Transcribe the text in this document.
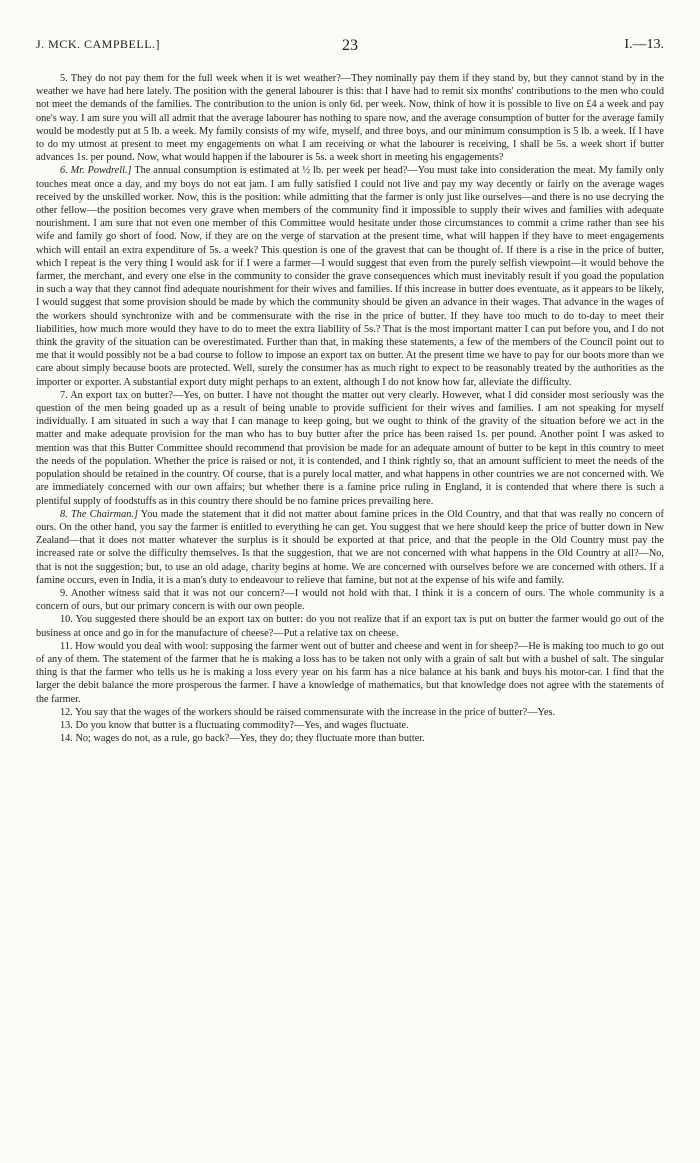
J. MCK. CAMPBELL.]	23	I.—13.

5. They do not pay them for the full week when it is wet weather?—They nominally pay them if they stand by, but they cannot stand by in the weather we have had here lately. The position with the general labourer is this: that I have had to remit six months' contributions to the men who could not meet the demands of the families. The contribution to the union is only 6d. per week. Now, think of how it is possible to live on £4 a week and pay one's way. I am sure you will all admit that the average labourer has nothing to spare now, and the average consumption of butter for the average family would be modestly put at 5 lb. a week. My family consists of my wife, myself, and three boys, and our minimum consumption is 5 lb. a week. If I have to do my utmost at present to meet my engagements on what I am receiving or what the labourer is receiving, I shall be 5s. a week short if butter advances 1s. per pound. Now, what would happen if the labourer is 5s. a week short in meeting his engagements?

6. Mr. Powdrell.] The annual consumption is estimated at ½ lb. per week per head?—You must take into consideration the meat. My family only touches meat once a day, and my boys do not eat jam. I am fully satisfied I could not live and pay my way decently or fairly on the average wages received by the unskilled worker. Now, this is the position: while admitting that the farmer is only just like ourselves—and there is no use decrying the other fellow—the position becomes very grave when members of the community find it impossible to supply their wives and families with adequate nourishment. I am sure that not even one member of this Committee would hesitate under those circumstances to commit a crime rather than see his wife and family go short of food. Now, if they are on the verge of starvation at the present time, what will happen if they have to meet engagements which will entail an extra expenditure of 5s. a week? This question is one of the gravest that can be thought of. If there is a rise in the price of butter, which I repeat is the very thing I would ask for if I were a farmer—I would suggest that even from the purely selfish viewpoint—it would behove the farmer, the merchant, and every one else in the community to consider the grave consequences which must inevitably result if you goad the population in such a way that they cannot find adequate nourishment for their wives and families. If this increase in butter does eventuate, as it appears to be likely, I would suggest that some provision should be made by which the community should be given an advance in their wages. That advance in the wages of the workers should synchronize with and be commensurate with the rise in the price of butter. If they have too much to do to-day to meet their liabilities, how much more would they have to do to meet the extra liability of 5s.? That is the most important matter I can put before you, and I do not think the gravity of the situation can be overestimated. Further than that, in making these statements, a few of the members of the Council point out to me that it would possibly not be a bad course to follow to impose an export tax on butter. At the present time we have to pay for our boots more than we care about simply because boots are protected. Well, surely the consumer has as much right to expect to be reasonably treated by the authorities as the importer or exporter. A substantial export duty might perhaps to an extent, although I do not know how far, alleviate the difficulty.

7. An export tax on butter?—Yes, on butter. I have not thought the matter out very clearly. However, what I did consider most seriously was the question of the men being goaded up as a result of being unable to provide sufficient for their wives and families. I am not speaking for myself individually. I am situated in such a way that I can manage to keep going, but we ought to think of the gravity of the situation before we act in the matter and make adequate provision for the man who has to buy butter after the price has been raised 1s. per pound. Another point I was asked to mention was that this Butter Committee should recommend that provision be made for an adequate amount of butter to be kept in this country to meet the needs of the population. Whether the price is raised or not, it is contended, and I think rightly so, that an amount sufficient to meet the needs of the population should be retained in the country. Of course, that is a purely local matter, and what happens in other countries we are not concerned with. We are immediately concerned with our own affairs; but whether there is a famine price ruling in England, it is contended that where there is such a plentiful supply of foodstuffs as in this country there should be no famine prices prevailing here.

8. The Chairman.] You made the statement that it did not matter about famine prices in the Old Country, and that that was really no concern of ours. On the other hand, you say the farmer is entitled to everything he can get. You suggest that we here should keep the price of butter down in New Zealand—that it does not matter whatever the surplus is it should be exported at that price, and that the people in the Old Country must pay the increased rate or solve the difficulty themselves. Is that the suggestion, that we are not concerned with what happens in the Old Country at all?—No, that is not the suggestion; but, to use an old adage, charity begins at home. We are concerned with ourselves before we are concerned with others. If a famine occurs, even in India, it is a man's duty to endeavour to relieve that famine, but not at the expense of his wife and family.

9. Another witness said that it was not our concern?—I would not hold with that. I think it is a concern of ours. The whole community is a concern of ours, but our primary concern is with our own people.

10. You suggested there should be an export tax on butter: do you not realize that if an export tax is put on butter the farmer would go out of the business at once and go in for the manufacture of cheese?—Put a relative tax on cheese.

11. How would you deal with wool: supposing the farmer went out of butter and cheese and went in for sheep?—He is making too much to go out of any of them. The statement of the farmer that he is making a loss has to be taken not only with a grain of salt but with a bushel of salt. The singular thing is that the farmer who tells us he is making a loss every year on his farm has a nice balance at his bank and buys his motor-car. I find that the larger the debit balance the more prosperous the farmer. I have a knowledge of mathematics, but that knowledge does not agree with the statements of the farmer.

12. You say that the wages of the workers should be raised commensurate with the increase in the price of butter?—Yes.

13. Do you know that butter is a fluctuating commodity?—Yes, and wages fluctuate.

14. No; wages do not, as a rule, go back?—Yes, they do; they fluctuate more than butter.
